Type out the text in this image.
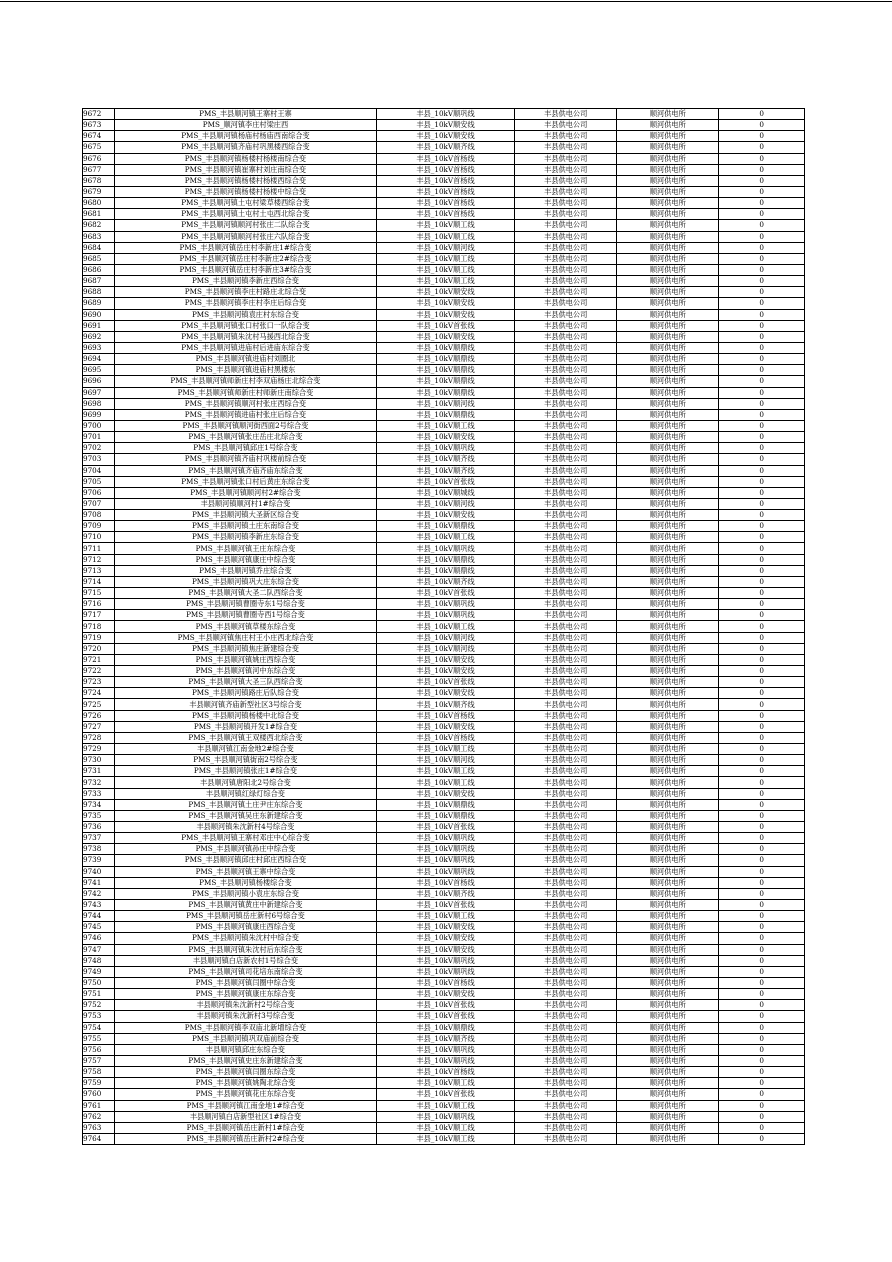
9672	PMS_丰县顺河镇王寨村王寨	丰县_10kV顺巩线	丰县供电公司	顺河供电所	0
9673	PMS_顺河镇李庄村梁庄西	丰县_10kV顺安线	丰县供电公司	顺河供电所	0
9674	PMS_丰县顺河镇杨庙村杨庙西南综合变	丰县_10kV顺安线	丰县供电公司	顺河供电所	0
9675	PMS_丰县顺河镇齐庙村巩黑楼西综合变	丰县_10kV顺齐线	丰县供电公司	顺河供电所	0
9676	PMS_丰县顺河镇杨楼村杨楼南综合变	丰县_10kV首杨线	丰县供电公司	顺河供电所	0
9677	PMS_丰县顺河镇崔寨村刘庄南综合变	丰县_10kV首杨线	丰县供电公司	顺河供电所	0
9678	PMS_丰县顺河镇杨楼村杨楼西综合变	丰县_10kV首杨线	丰县供电公司	顺河供电所	0
9679	PMS_丰县顺河镇杨楼村杨楼中综合变	丰县_10kV首杨线	丰县供电公司	顺河供电所	0
9680	PMS_丰县顺河镇土屯村梁草楼西综合变	丰县_10kV首杨线	丰县供电公司	顺河供电所	0
9681	PMS_丰县顺河镇土屯村土屯西北综合变	丰县_10kV首杨线	丰县供电公司	顺河供电所	0
9682	PMS_丰县顺河镇顺河村张庄二队综合变	丰县_10kV顺工线	丰县供电公司	顺河供电所	0
9683	PMS_丰县顺河镇顺河村张庄六队综合变	丰县_10kV顺工线	丰县供电公司	顺河供电所	0
9684	PMS_丰县顺河镇岳庄村李新庄1#综合变	丰县_10kV顺河线	丰县供电公司	顺河供电所	0
9685	PMS_丰县顺河镇岳庄村李新庄2#综合变	丰县_10kV顺工线	丰县供电公司	顺河供电所	0
9686	PMS_丰县顺河镇岳庄村李新庄3#综合变	丰县_10kV顺工线	丰县供电公司	顺河供电所	0
9687	PMS_丰县顺河镇李新庄西综合变	丰县_10kV顺工线	丰县供电公司	顺河供电所	0
9688	PMS_丰县顺河镇李庄村路庄北综合变	丰县_10kV顺安线	丰县供电公司	顺河供电所	0
9689	PMS_丰县顺河镇李庄村李庄后综合变	丰县_10kV顺安线	丰县供电公司	顺河供电所	0
9690	PMS_丰县顺河镇袁庄村东综合变	丰县_10kV顺安线	丰县供电公司	顺河供电所	0
9691	PMS_丰县顺河镇张口村张口一队综合变	丰县_10kV首张线	丰县供电公司	顺河供电所	0
9692	PMS_丰县顺河镇朱沈村马援西北综合变	丰县_10kV顺安线	丰县供电公司	顺河供电所	0
9693	PMS_丰县顺河镇进庙村后进庙东综合变	丰县_10kV顺鼎线	丰县供电公司	顺河供电所	0
9694	PMS_丰县顺河镇进庙村刘圈北	丰县_10kV顺鼎线	丰县供电公司	顺河供电所	0
9695	PMS_丰县顺河镇进庙村黑楼东	丰县_10kV顺鼎线	丰县供电公司	顺河供电所	0
9696	PMS_丰县顺河镇师新庄村李双庙杨庄北综合变	丰县_10kV顺鼎线	丰县供电公司	顺河供电所	0
9697	PMS_丰县顺河镇师新庄村师新庄南综合变	丰县_10kV顺鼎线	丰县供电公司	顺河供电所	0
9698	PMS_丰县顺河镇顺河村张庄西综合变	丰县_10kV顺河线	丰县供电公司	顺河供电所	0
9699	PMS_丰县顺河镇进庙村张庄后综合变	丰县_10kV顺鼎线	丰县供电公司	顺河供电所	0
9700	PMS_丰县顺河镇顺河街西面2号综合变	丰县_10kV顺工线	丰县供电公司	顺河供电所	0
9701	PMS_丰县顺河镇张庄岳庄北综合变	丰县_10kV顺安线	丰县供电公司	顺河供电所	0
9702	PMS_丰县顺河镇邱庄1号综合变	丰县_10kV顺巩线	丰县供电公司	顺河供电所	0
9703	PMS_丰县顺河镇齐庙村巩楼前综合变	丰县_10kV顺齐线	丰县供电公司	顺河供电所	0
9704	PMS_丰县顺河镇齐庙齐庙东综合变	丰县_10kV顺齐线	丰县供电公司	顺河供电所	0
9705	PMS_丰县顺河镇张口村后黄庄东综合变	丰县_10kV首张线	丰县供电公司	顺河供电所	0
9706	PMS_丰县顺河镇顺河村2#综合变	丰县_10kV顺城线	丰县供电公司	顺河供电所	0
9707	丰县顺河镇顺河村1#综合变	丰县_10kV顺河线	丰县供电公司	顺河供电所	0
9708	PMS_丰县顺河镇大圣新区综合变	丰县_10kV顺安线	丰县供电公司	顺河供电所	0
9709	PMS_丰县顺河镇土庄东南综合变	丰县_10kV顺鼎线	丰县供电公司	顺河供电所	0
9710	PMS_丰县顺河镇李新庄东综合变	丰县_10kV顺工线	丰县供电公司	顺河供电所	0
9711	PMS_丰县顺河镇王庄东综合变	丰县_10kV顺巩线	丰县供电公司	顺河供电所	0
9712	PMS_丰县顺河镇康庄中综合变	丰县_10kV顺鼎线	丰县供电公司	顺河供电所	0
9713	PMS_丰县顺河镇乔庄综合变	丰县_10kV顺鼎线	丰县供电公司	顺河供电所	0
9714	PMS_丰县顺河镇巩大庄东综合变	丰县_10kV顺齐线	丰县供电公司	顺河供电所	0
9715	PMS_丰县顺河镇大圣二队西综合变	丰县_10kV首张线	丰县供电公司	顺河供电所	0
9716	PMS_丰县顺河镇曹圈寺东1号综合变	丰县_10kV顺巩线	丰县供电公司	顺河供电所	0
9717	PMS_丰县顺河镇曹圈寺西1号综合变	丰县_10kV顺巩线	丰县供电公司	顺河供电所	0
9718	PMS_丰县顺河镇草楼东综合变	丰县_10kV顺工线	丰县供电公司	顺河供电所	0
9719	PMS_丰县顺河镇焦庄村王小庄西北综合变	丰县_10kV顺河线	丰县供电公司	顺河供电所	0
9720	PMS_丰县顺河镇焦庄新建综合变	丰县_10kV顺河线	丰县供电公司	顺河供电所	0
9721	PMS_丰县顺河镇姚庄西综合变	丰县_10kV顺安线	丰县供电公司	顺河供电所	0
9722	PMS_丰县顺河镇河中东综合变	丰县_10kV顺安线	丰县供电公司	顺河供电所	0
9723	PMS_丰县顺河镇大圣三队西综合变	丰县_10kV首张线	丰县供电公司	顺河供电所	0
9724	PMS_丰县顺河镇路庄后队综合变	丰县_10kV顺安线	丰县供电公司	顺河供电所	0
9725	丰县顺河镇齐庙新型社区3号综合变	丰县_10kV顺齐线	丰县供电公司	顺河供电所	0
9726	PMS_丰县顺河镇杨楼中北综合变	丰县_10kV首杨线	丰县供电公司	顺河供电所	0
9727	PMS_丰县顺河镇开发1#综合变	丰县_10kV顺安线	丰县供电公司	顺河供电所	0
9728	PMS_丰县顺河镇王双楼西北综合变	丰县_10kV首杨线	丰县供电公司	顺河供电所	0
9729	丰县顺河镇江南金地2#综合变	丰县_10kV顺工线	丰县供电公司	顺河供电所	0
9730	PMS_丰县顺河镇街南2号综合变	丰县_10kV顺河线	丰县供电公司	顺河供电所	0
9731	PMS_丰县顺河镇张庄1#综合变	丰县_10kV顺工线	丰县供电公司	顺河供电所	0
9732	丰县顺河镇唐阳北2号综合变	丰县_10kV顺工线	丰县供电公司	顺河供电所	0
9733	丰县顺河镇红绿灯综合变	丰县_10kV顺安线	丰县供电公司	顺河供电所	0
9734	PMS_丰县顺河镇土庄尹庄东综合变	丰县_10kV顺鼎线	丰县供电公司	顺河供电所	0
9735	PMS_丰县顺河镇吴庄东新建综合变	丰县_10kV顺鼎线	丰县供电公司	顺河供电所	0
9736	丰县顺河镇朱沈新村4号综合变	丰县_10kV首张线	丰县供电公司	顺河供电所	0
9737	PMS_丰县顺河镇王寨村邓庄中心综合变	丰县_10kV顺巩线	丰县供电公司	顺河供电所	0
9738	PMS_丰县顺河镇孙庄中综合变	丰县_10kV顺巩线	丰县供电公司	顺河供电所	0
9739	PMS_丰县顺河镇邱庄村邱庄西综合变	丰县_10kV顺巩线	丰县供电公司	顺河供电所	0
9740	PMS_丰县顺河镇王寨中综合变	丰县_10kV顺巩线	丰县供电公司	顺河供电所	0
9741	PMS_丰县顺河镇杨楼综合变	丰县_10kV首杨线	丰县供电公司	顺河供电所	0
9742	PMS_丰县顺河镇小袁庄东综合变	丰县_10kV顺齐线	丰县供电公司	顺河供电所	0
9743	PMS_丰县顺河镇黄庄中新建综合变	丰县_10kV首张线	丰县供电公司	顺河供电所	0
9744	PMS_丰县顺河镇岳庄新村6号综合变	丰县_10kV顺工线	丰县供电公司	顺河供电所	0
9745	PMS_丰县顺河镇康庄西综合变	丰县_10kV顺安线	丰县供电公司	顺河供电所	0
9746	PMS_丰县顺河镇朱沈村中综合变	丰县_10kV顺安线	丰县供电公司	顺河供电所	0
9747	PMS_丰县顺河镇朱沈村后东综合变	丰县_10kV顺安线	丰县供电公司	顺河供电所	0
9748	丰县顺河镇白店新农村1号综合变	丰县_10kV顺巩线	丰县供电公司	顺河供电所	0
9749	PMS_丰县顺河镇司花培东南综合变	丰县_10kV顺巩线	丰县供电公司	顺河供电所	0
9750	PMS_丰县顺河镇闫圈中综合变	丰县_10kV首杨线	丰县供电公司	顺河供电所	0
9751	PMS_丰县顺河镇康庄东综合变	丰县_10kV顺安线	丰县供电公司	顺河供电所	0
9752	丰县顺河镇朱沈新村2号综合变	丰县_10kV首张线	丰县供电公司	顺河供电所	0
9753	丰县顺河镇朱沈新村3号综合变	丰县_10kV首张线	丰县供电公司	顺河供电所	0
9754	PMS_丰县顺河镇李双庙北新增综合变	丰县_10kV顺鼎线	丰县供电公司	顺河供电所	0
9755	PMS_丰县顺河镇巩双庙前综合变	丰县_10kV顺齐线	丰县供电公司	顺河供电所	0
9756	丰县顺河镇邱庄东综合变	丰县_10kV顺巩线	丰县供电公司	顺河供电所	0
9757	PMS_丰县顺河镇史庄东新建综合变	丰县_10kV顺巩线	丰县供电公司	顺河供电所	0
9758	PMS_丰县顺河镇闫圈东综合变	丰县_10kV首杨线	丰县供电公司	顺河供电所	0
9759	PMS_丰县顺河镇姚陶北综合变	丰县_10kV顺工线	丰县供电公司	顺河供电所	0
9760	PMS_丰县顺河镇花庄东综合变	丰县_10kV首张线	丰县供电公司	顺河供电所	0
9761	PMS_丰县顺河镇江南金地1#综合变	丰县_10kV顺工线	丰县供电公司	顺河供电所	0
9762	丰县顺河镇白店新型社区1#综合变	丰县_10kV顺巩线	丰县供电公司	顺河供电所	0
9763	PMS_丰县顺河镇岳庄新村1#综合变	丰县_10kV顺工线	丰县供电公司	顺河供电所	0
9764	PMS_丰县顺河镇岳庄新村2#综合变	丰县_10kV顺工线	丰县供电公司	顺河供电所	0
